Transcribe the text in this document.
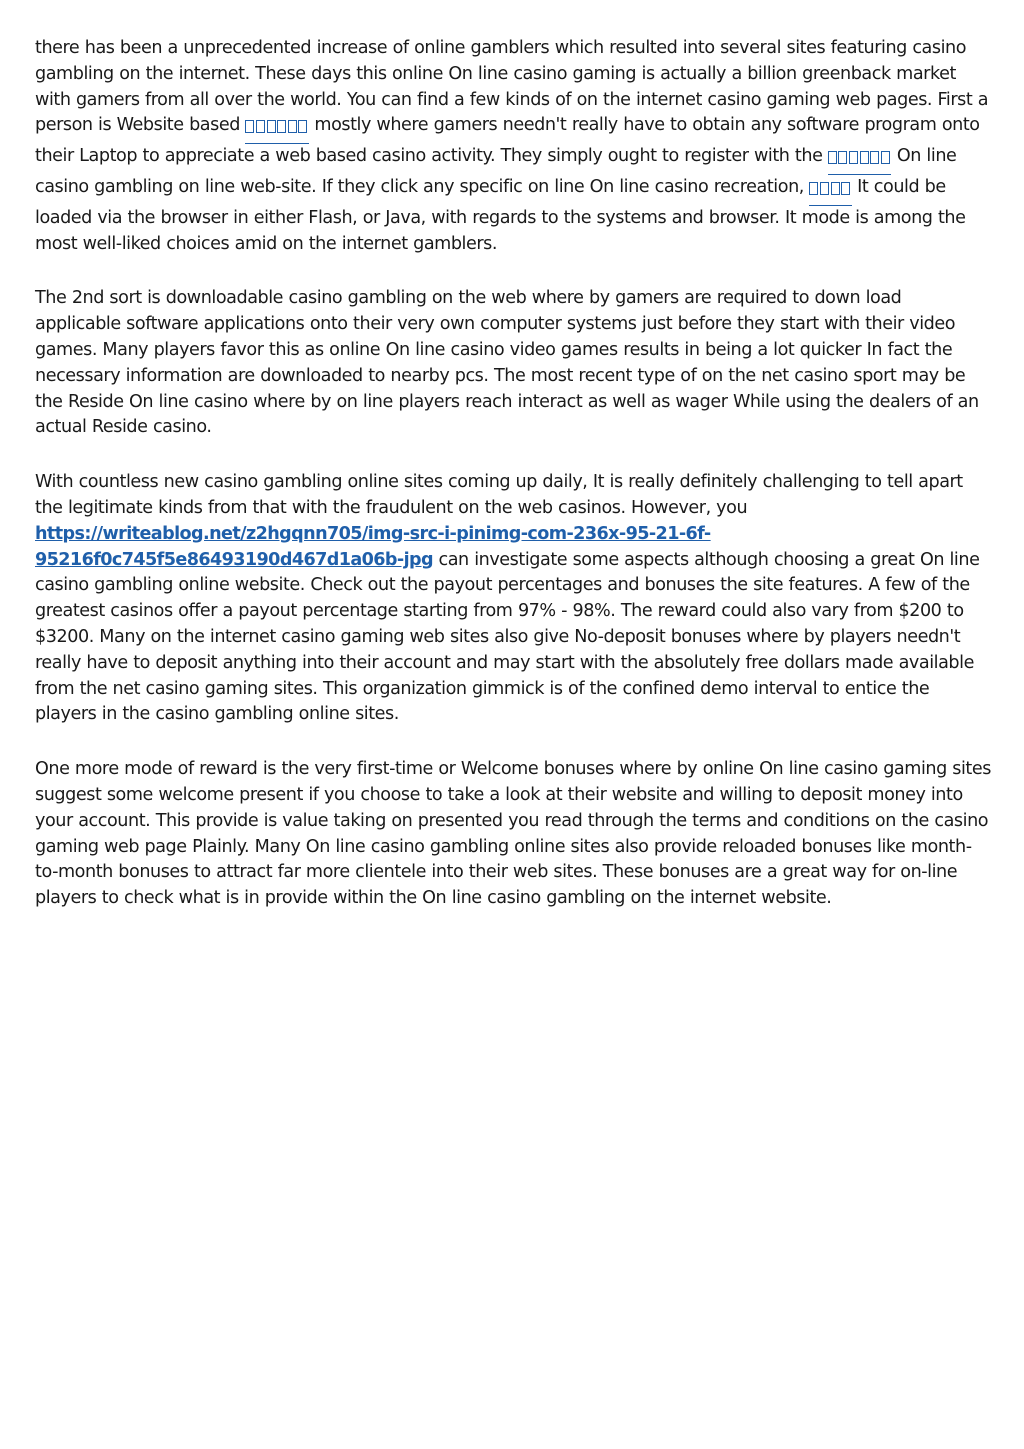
there has been a unprecedented increase of online gamblers which resulted into several sites featuring casino gambling on the internet. These days this online On line casino gaming is actually a billion greenback market with gamers from all over the world. You can find a few kinds of on the internet casino gaming web pages. First a person is Website based	mostly where gamers needn't really have to obtain any software program onto their Laptop to appreciate a web based casino activity. They simply ought to register with the	On line casino gambling on line web-site. If they click any specific on line On line casino recreation,  It could be loaded via the browser in either Flash, or Java, with regards to the systems and browser. It mode is among the most well-liked choices amid on the internet gamblers.

The 2nd sort is downloadable casino gambling on the web where by gamers are required to down load applicable software applications onto their very own computer systems just before they start with their video games. Many players favor this as online On line casino video games results in being a lot quicker In fact the necessary information are downloaded to nearby pcs. The most recent type of on the net casino sport may be the Reside On line casino where by on line players reach interact as well as wager While using the dealers of an actual Reside casino.

With countless new casino gambling online sites coming up daily, It is really definitely challenging to tell apart the legitimate kinds from that with the fraudulent on the web casinos. However, you https://writeablog.net/z2hgqnn705/img-src-i-pinimg-com-236x-95-21-6f-95216f0c745f5e86493190d467d1a06b-jpg can investigate some aspects although choosing a great On line casino gambling online website. Check out the payout percentages and bonuses the site features. A few of the greatest casinos offer a payout percentage starting from 97% - 98%. The reward could also vary from $200 to $3200. Many on the internet casino gaming web sites also give No-deposit bonuses where by players needn't really have to deposit anything into their account and may start with the absolutely free dollars made available from the net casino gaming sites. This organization gimmick is of the confined demo interval to entice the players in the casino gambling online sites.

One more mode of reward is the very first-time or Welcome bonuses where by online On line casino gaming sites suggest some welcome present if you choose to take a look at their website and willing to deposit money into your account. This provide is value taking on presented you read through the terms and conditions on the casino gaming web page Plainly. Many On line casino gambling online sites also provide reloaded bonuses like month-to-month bonuses to attract far more clientele into their web sites. These bonuses are a great way for on-line players to check what is in provide within the On line casino gambling on the internet website.
